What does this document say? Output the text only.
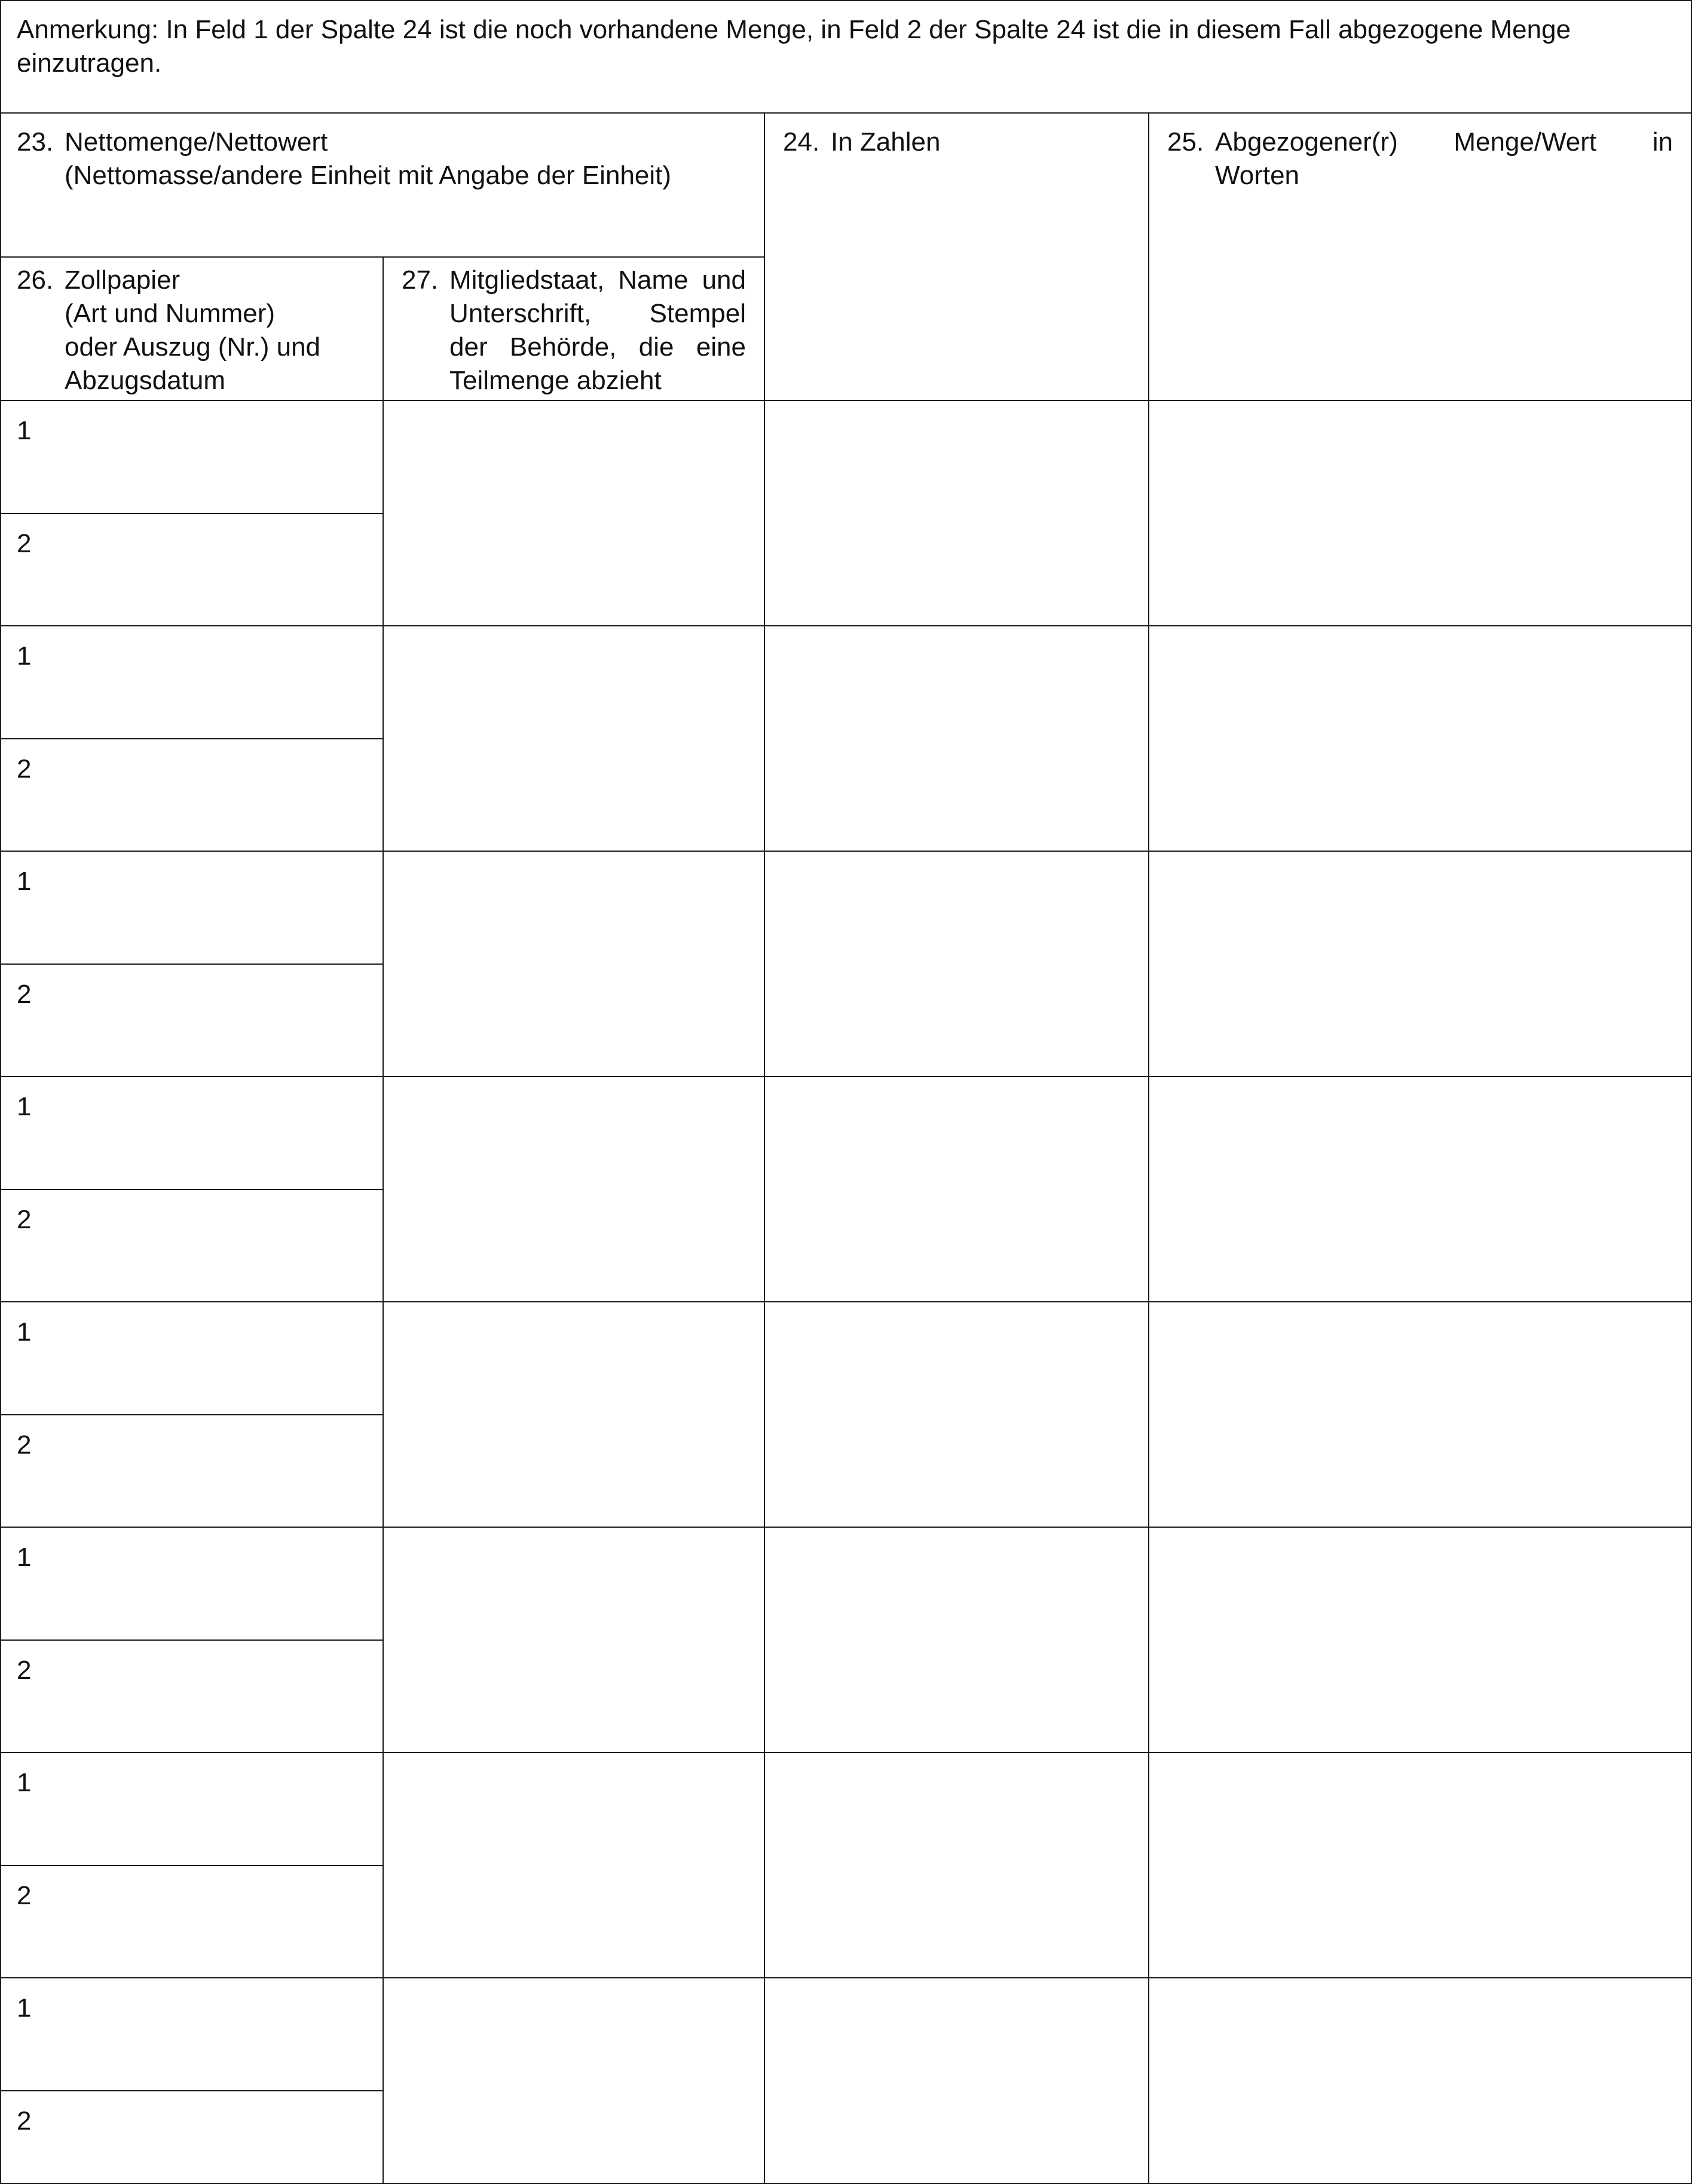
Anmerkung: In Feld 1 der Spalte 24 ist die noch vorhandene Menge, in Feld 2 der Spalte 24 ist die in diesem Fall abgezogene Menge einzutragen.
23. Nettomenge/Nettowert
(Nettomasse/andere Einheit mit Angabe der Einheit)
24. In Zahlen	25. Abgezogener(r) Menge/Wert in
Worten
26. Zollpapier
(Art und Nummer)
oder Auszug (Nr.) und
Abzugsdatum
27. Mitgliedstaat, Name und
Unterschrift, Stempel
der Behörde, die eine
Teilmenge abzieht
1
2
1
2
1
2
1
2
1
2
1
2
1
2
1
2
